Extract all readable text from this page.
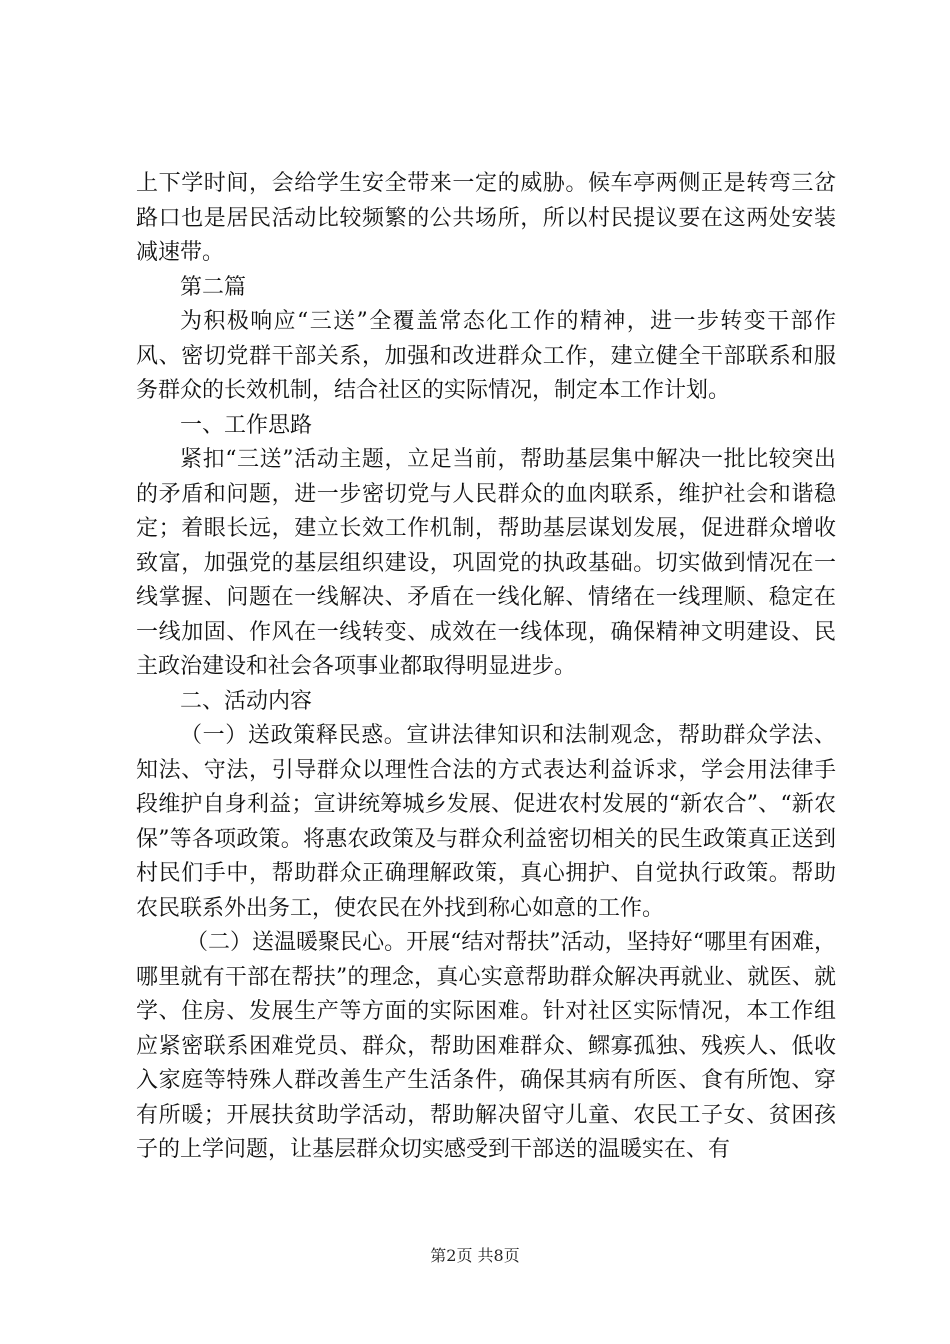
上下学时间，会给学生安全带来一定的威胁。候车亭两侧正是转弯三岔路口也是居民活动比较频繁的公共场所，所以村民提议要在这两处安装减速带。

第二篇

为积极响应“三送”全覆盖常态化工作的精神，进一步转变干部作风、密切党群干部关系，加强和改进群众工作，建立健全干部联系和服务群众的长效机制，结合社区的实际情况，制定本工作计划。

一、工作思路

紧扣“三送”活动主题，立足当前，帮助基层集中解决一批比较突出的矛盾和问题，进一步密切党与人民群众的血肉联系，维护社会和谐稳定；着眼长远，建立长效工作机制，帮助基层谋划发展，促进群众增收致富，加强党的基层组织建设，巩固党的执政基础。切实做到情况在一线掌握、问题在一线解决、矛盾在一线化解、情绪在一线理顺、稳定在一线加固、作风在一线转变、成效在一线体现，确保精神文明建设、民主政治建设和社会各项事业都取得明显进步。

二、活动内容

（一）送政策释民惑。宣讲法律知识和法制观念，帮助群众学法、知法、守法，引导群众以理性合法的方式表达利益诉求，学会用法律手段维护自身利益；宣讲统筹城乡发展、促进农村发展的“新农合”、“新农保”等各项政策。将惠农政策及与群众利益密切相关的民生政策真正送到村民们手中，帮助群众正确理解政策，真心拥护、自觉执行政策。帮助农民联系外出务工，使农民在外找到称心如意的工作。

（二）送温暖聚民心。开展“结对帮扶”活动，坚持好“哪里有困难，哪里就有干部在帮扶”的理念，真心实意帮助群众解决再就业、就医、就学、住房、发展生产等方面的实际困难。针对社区实际情况，本工作组应紧密联系困难党员、群众，帮助困难群众、鳏寡孤独、残疾人、低收入家庭等特殊人群改善生产生活条件，确保其病有所医、食有所饱、穿有所暖；开展扶贫助学活动，帮助解决留守儿童、农民工子女、贫困孩子的上学问题，让基层群众切实感受到干部送的温暖实在、有

第2页 共8页
